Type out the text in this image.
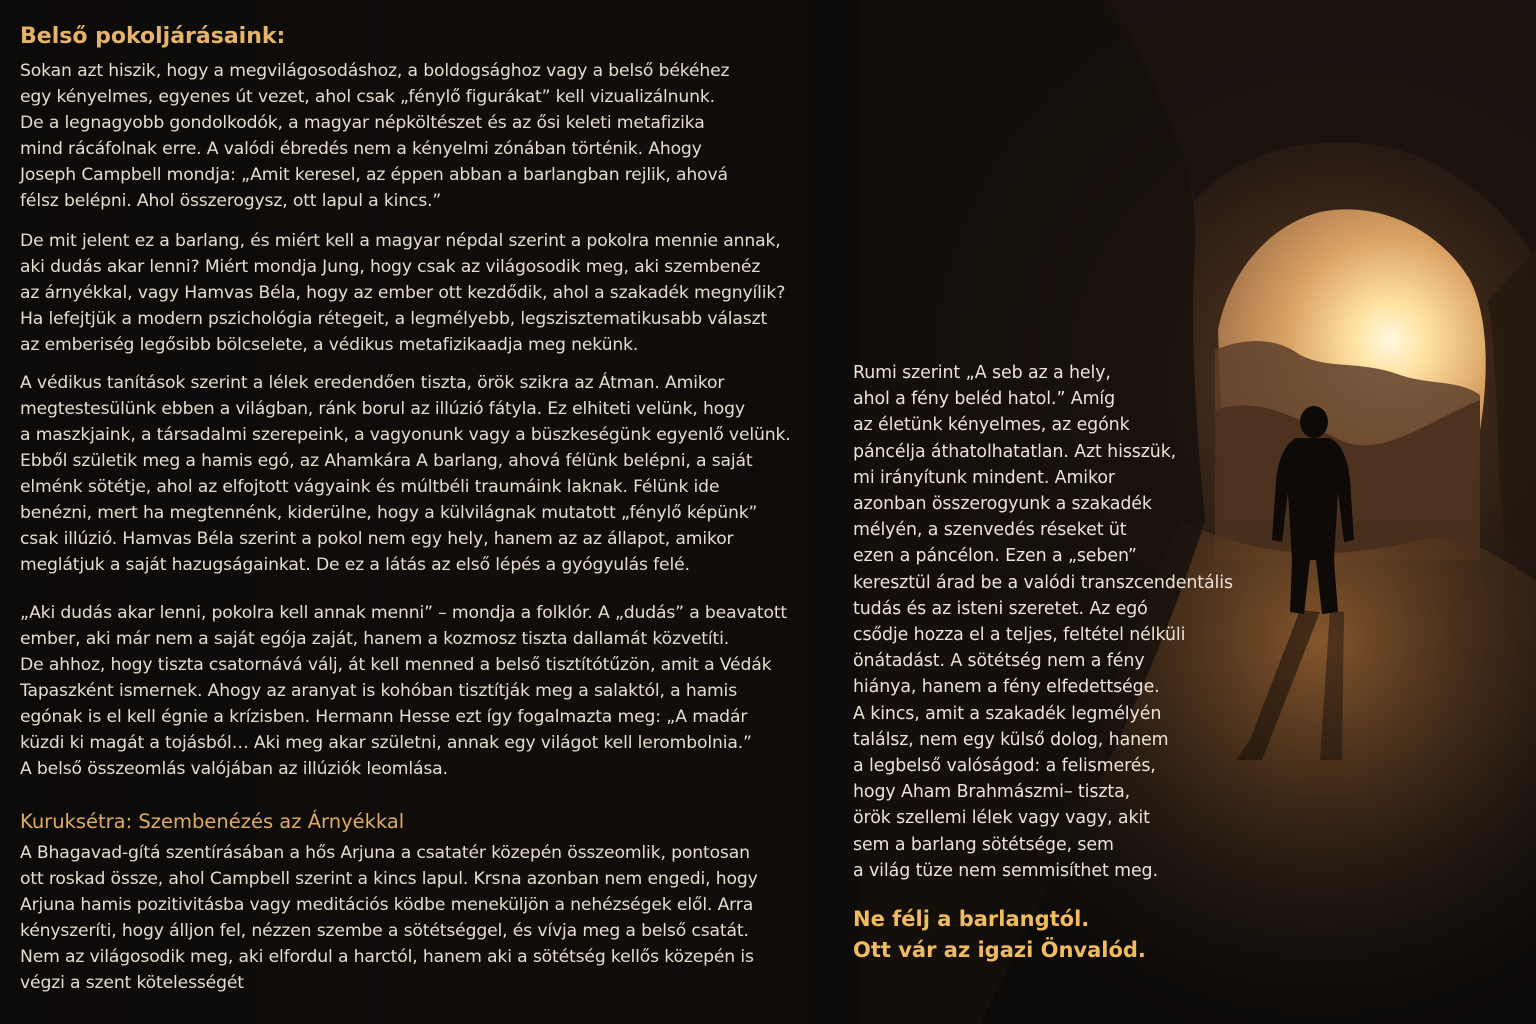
Belső pokoljárásaink:

Sokan azt hiszik, hogy a megvilágosodáshoz, a boldogsághoz vagy a belső békéhez
egy kényelmes, egyenes út vezet, ahol csak „fénylő figurákat” kell vizualizálnunk.
De a legnagyobb gondolkodók, a magyar népköltészet és az ősi keleti metafizika
mind rácáfolnak erre. A valódi ébredés nem a kényelmi zónában történik. Ahogy
Joseph Campbell mondja: „Amit keresel, az éppen abban a barlangban rejlik, ahová
félsz belépni. Ahol összerogysz, ott lapul a kincs.”

De mit jelent ez a barlang, és miért kell a magyar népdal szerint a pokolra mennie annak,
aki dudás akar lenni? Miért mondja Jung, hogy csak az világosodik meg, aki szembenéz
az árnyékkal, vagy Hamvas Béla, hogy az ember ott kezdődik, ahol a szakadék megnyílik?
Ha lefejtjük a modern pszichológia rétegeit, a legmélyebb, legszisztematikusabb választ
az emberiség legősibb bölcselete, a védikus metafizikaadja meg nekünk.

A védikus tanítások szerint a lélek eredendően tiszta, örök szikra az Átman. Amikor
megtestesülünk ebben a világban, ránk borul az illúzió fátyla. Ez elhiteti velünk, hogy
a maszkjaink, a társadalmi szerepeink, a vagyonunk vagy a büszkeségünk egyenlő velünk.
Ebből születik meg a hamis egó, az Ahamkára A barlang, ahová félünk belépni, a saját
elménk sötétje, ahol az elfojtott vágyaink és múltbéli traumáink laknak. Félünk ide
benézni, mert ha megtennénk, kiderülne, hogy a külvilágnak mutatott „fénylő képünk”
csak illúzió. Hamvas Béla szerint a pokol nem egy hely, hanem az az állapot, amikor
meglátjuk a saját hazugságainkat. De ez a látás az első lépés a gyógyulás felé.

„Aki dudás akar lenni, pokolra kell annak menni” – mondja a folklór. A „dudás” a beavatott
ember, aki már nem a saját egója zaját, hanem a kozmosz tiszta dallamát közvetíti.
De ahhoz, hogy tiszta csatornává válj, át kell menned a belső tisztítótűzön, amit a Védák
Tapaszként ismernek. Ahogy az aranyat is kohóban tisztítják meg a salaktól, a hamis
egónak is el kell égnie a krízisben. Hermann Hesse ezt így fogalmazta meg: „A madár
küzdi ki magát a tojásból… Aki meg akar születni, annak egy világot kell lerombolnia.”
A belső összeomlás valójában az illúziók leomlása.

Kuruksétra: Szembenézés az Árnyékkal

A Bhagavad-gítá szentírásában a hős Arjuna a csatatér közepén összeomlik, pontosan
ott roskad össze, ahol Campbell szerint a kincs lapul. Krsna azonban nem engedi, hogy
Arjuna hamis pozitivitásba vagy meditációs ködbe meneküljön a nehézségek elől. Arra
kényszeríti, hogy álljon fel, nézzen szembe a sötétséggel, és vívja meg a belső csatát.
Nem az világosodik meg, aki elfordul a harctól, hanem aki a sötétség kellős közepén is
végzi a szent kötelességét

Rumi szerint „A seb az a hely,
ahol a fény beléd hatol.” Amíg
az életünk kényelmes, az egónk
páncélja áthatolhatatlan. Azt hisszük,
mi irányítunk mindent. Amikor
azonban összerogyunk a szakadék
mélyén, a szenvedés réseket üt
ezen a páncélon. Ezen a „seben”
keresztül árad be a valódi transzcendentális
tudás és az isteni szeretet. Az egó
csődje hozza el a teljes, feltétel nélküli
önátadást. A sötétség nem a fény
hiánya, hanem a fény elfedettsége.
A kincs, amit a szakadék legmélyén
találsz, nem egy külső dolog, hanem
a legbelső valóságod: a felismerés,
hogy Aham Brahmászmi– tiszta,
örök szellemi lélek vagy vagy, akit
sem a barlang sötétsége, sem
a világ tüze nem semmisíthet meg.

Ne félj a barlangtól.
Ott vár az igazi Önvalód.
